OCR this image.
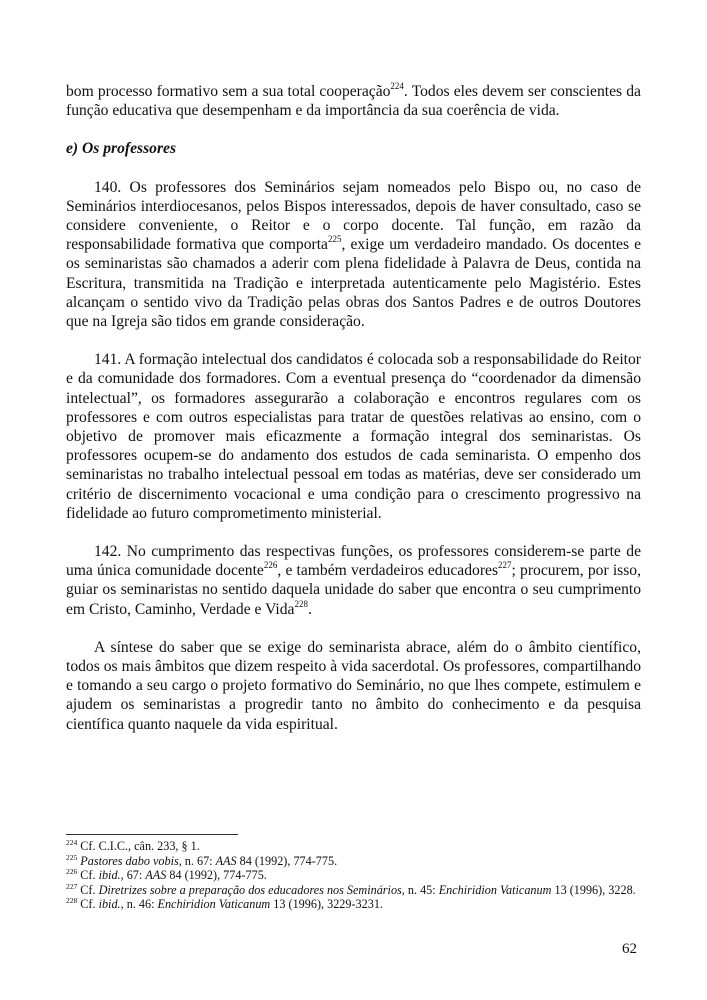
bom processo formativo sem a sua total cooperação$^{224}$. Todos eles devem ser conscientes da função educativa que desempenham e da importância da sua coerência de vida.

e) Os professores

140. Os professores dos Seminários sejam nomeados pelo Bispo ou, no caso de Seminários interdiocesanos, pelos Bispos interessados, depois de haver consultado, caso se considere conveniente, o Reitor e o corpo docente. Tal função, em razão da responsabilidade formativa que comporta$^{225}$, exige um verdadeiro mandado. Os docentes e os seminaristas são chamados a aderir com plena fidelidade à Palavra de Deus, contida na Escritura, transmitida na Tradição e interpretada autenticamente pelo Magistério. Estes alcançam o sentido vivo da Tradição pelas obras dos Santos Padres e de outros Doutores que na Igreja são tidos em grande consideração.

141. A formação intelectual dos candidatos é colocada sob a responsabilidade do Reitor e da comunidade dos formadores. Com a eventual presença do “coordenador da dimensão intelectual”, os formadores assegurarão a colaboração e encontros regulares com os professores e com outros especialistas para tratar de questões relativas ao ensino, com o objetivo de promover mais eficazmente a formação integral dos seminaristas. Os professores ocupem-se do andamento dos estudos de cada seminarista. O empenho dos seminaristas no trabalho intelectual pessoal em todas as matérias, deve ser considerado um critério de discernimento vocacional e uma condição para o crescimento progressivo na fidelidade ao futuro comprometimento ministerial.

142. No cumprimento das respectivas funções, os professores considerem-se parte de uma única comunidade docente$^{226}$, e também verdadeiros educadores$^{227}$; procurem, por isso, guiar os seminaristas no sentido daquela unidade do saber que encontra o seu cumprimento em Cristo, Caminho, Verdade e Vida$^{228}$.

A síntese do saber que se exige do seminarista abrace, além do o âmbito científico, todos os mais âmbitos que dizem respeito à vida sacerdotal. Os professores, compartilhando e tomando a seu cargo o projeto formativo do Seminário, no que lhes compete, estimulem e ajudem os seminaristas a progredir tanto no âmbito do conhecimento e da pesquisa científica quanto naquele da vida espiritual.

$^{224}$ Cf. C.I.C., cân. 233, § 1.

$^{225}$ Pastores dabo vobis, n. 67: AAS 84 (1992), 774-775.

$^{226}$ Cf. ibid., 67: AAS 84 (1992), 774-775.

$^{227}$ Cf. Diretrizes sobre a preparação dos educadores nos Seminários, n. 45: Enchiridion Vaticanum 13 (1996), 3228.

$^{228}$ Cf. ibid., n. 46: Enchiridion Vaticanum 13 (1996), 3229-3231.

62
